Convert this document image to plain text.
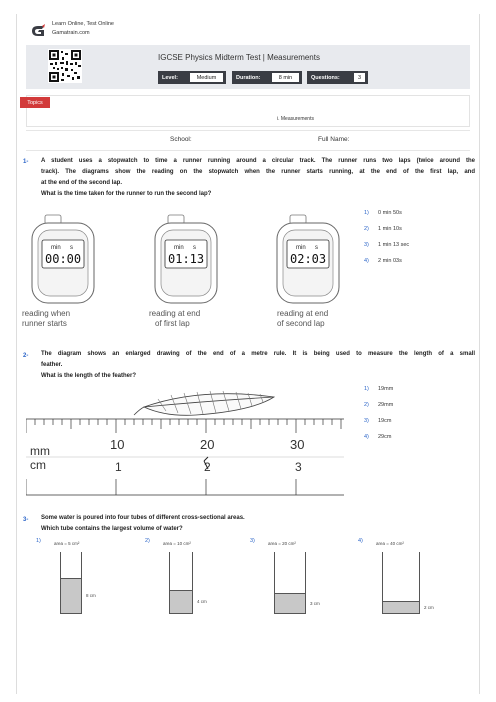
Learn Online, Test Online
Gamatrain.com
IGCSE Physics Midterm Test | Measurements
Level:	Medium	Duration:	8 min	Questions:	3
Topics
i. Measurements
School:	Full Name:
1- A student uses a stopwatch to time a runner running around a circular track. The runner runs two laps (twice around the
track). The diagrams show the reading on the stopwatch when the runner starts running, at the end of the first lap, and
at the end of the second lap.
What is the time taken for the runner to run the second lap?
min s
00:00
reading when
runner starts
min s
01:13
reading at end
of first lap
min s
02:03
reading at end
of second lap
1) 0 min 50s
2) 1 min 10s
3) 1 min 13 sec
4) 2 min 03s
2- The diagram shows an enlarged drawing of the end of a metre rule. It is being used to measure the length of a small
feather.
What is the length of the feather?
mm
cm
10	20	30
1	2	3
1) 19mm
2) 29mm
3) 19cm
4) 29cm
3- Some water is poured into four tubes of different cross-sectional areas.
Which tube contains the largest volume of water?
1)	area = 5 cm²
8 cm
2)	area = 10 cm²
4 cm
3)	area = 20 cm²
3 cm
4)	area = 40 cm²
2 cm
